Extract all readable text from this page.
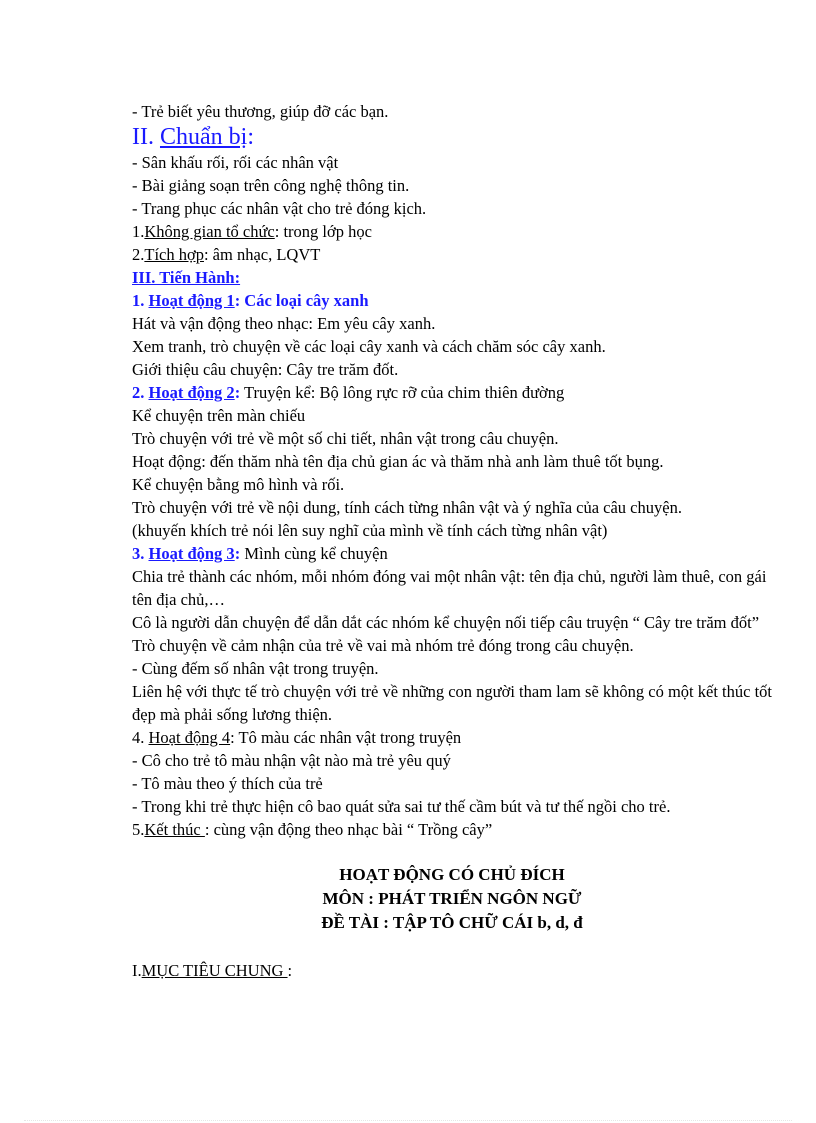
- Trẻ biết yêu thương, giúp đỡ các bạn.
II. Chuẩn bị:
- Sân khấu rối, rối các nhân vật
- Bài giảng soạn trên công nghệ thông tin.
- Trang phục các nhân vật cho trẻ đóng kịch.
1.Không gian tổ chức: trong lớp học
2.Tích hợp: âm nhạc, LQVT
III. Tiến Hành:
1. Hoạt động 1: Các loại cây xanh
Hát và vận động theo nhạc: Em yêu cây xanh.
Xem tranh, trò chuyện về các loại cây xanh và cách chăm sóc cây xanh.
Giới thiệu câu chuyện: Cây tre trăm đốt.
2. Hoạt động 2: Truyện kể: Bộ lông rực rỡ của chim thiên đường
Kể chuyện trên màn chiếu
Trò chuyện với trẻ về một số chi tiết, nhân vật trong câu chuyện.
Hoạt động: đến thăm nhà tên địa chủ gian ác và thăm nhà anh làm thuê tốt bụng.
Kể chuyện bằng mô hình và rối.
Trò chuyện với trẻ về nội dung, tính cách từng nhân vật và ý nghĩa của câu chuyện.
(khuyến khích trẻ nói lên suy nghĩ của mình về tính cách từng nhân vật)
3. Hoạt động 3: Mình cùng kể chuyện
Chia trẻ thành các nhóm, mỗi nhóm đóng vai một nhân vật: tên địa chủ, người làm thuê, con gái tên địa chủ,…
Cô là người dẫn chuyện để dẫn dắt các nhóm kể chuyện nối tiếp câu truyện “ Cây tre trăm đốt”
Trò chuyện về cảm nhận của trẻ về vai mà nhóm trẻ đóng trong câu chuyện.
- Cùng đếm số nhân vật trong truyện.
Liên hệ với thực tế trò chuyện với trẻ về những con người tham lam sẽ không có một kết thúc tốt đẹp mà phải sống lương thiện.
4. Hoạt động 4: Tô màu các nhân vật trong truyện
- Cô cho trẻ tô màu nhận vật nào mà trẻ yêu quý
- Tô màu theo ý thích của trẻ
- Trong khi trẻ thực hiện cô bao quát sửa sai tư thế cầm bút và tư thế ngồi cho trẻ.
5.Kết thúc : cùng vận động theo nhạc bài “ Trồng cây”
HOẠT ĐỘNG CÓ CHỦ ĐÍCH
MÔN : PHÁT TRIỂN NGÔN NGỮ
ĐỀ TÀI : TẬP TÔ CHỮ CÁI b, d, đ
I.MỤC TIÊU CHUNG :
